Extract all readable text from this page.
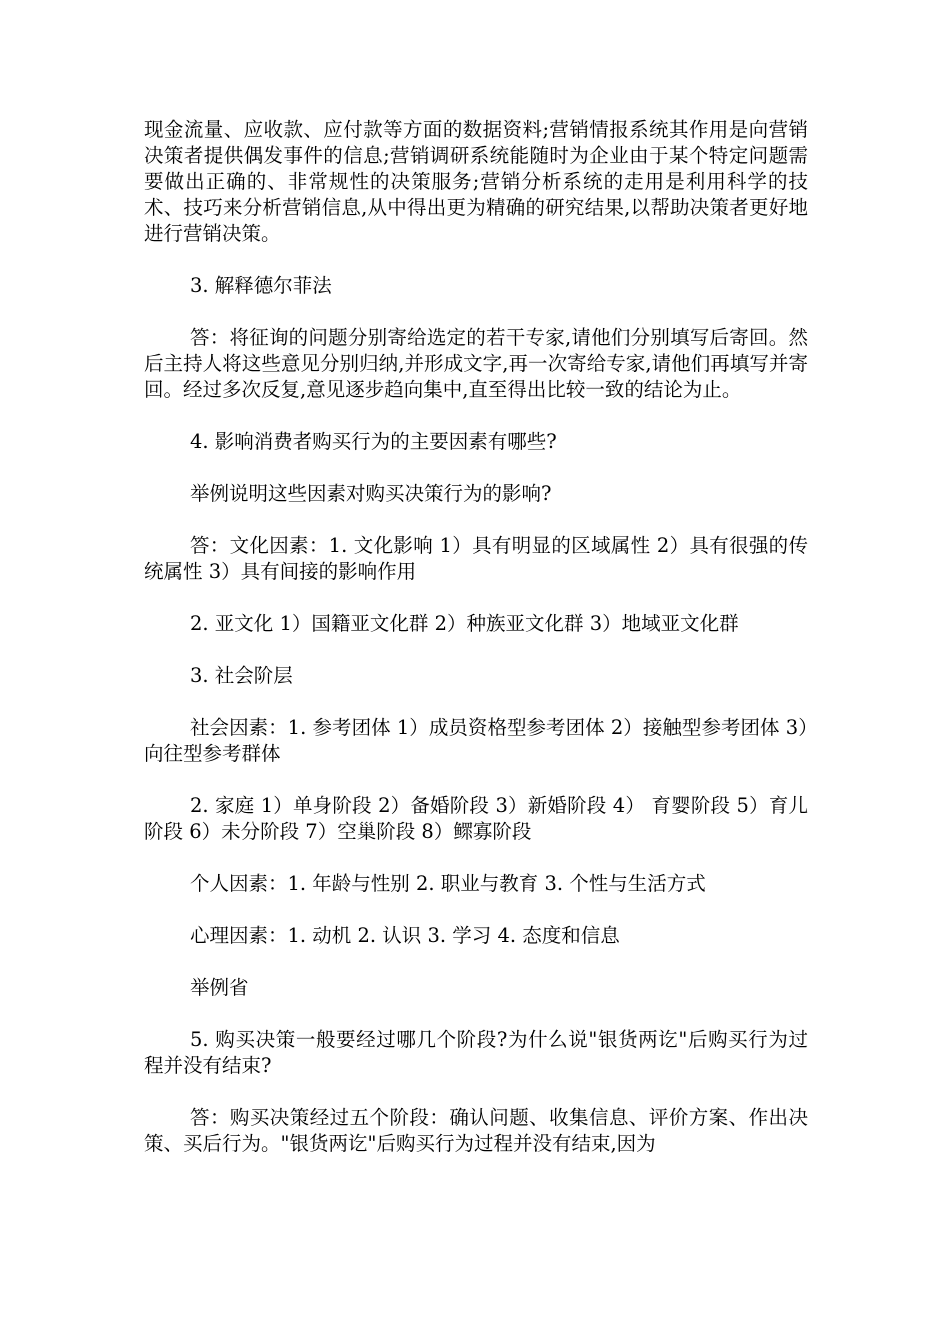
现金流量、应收款、应付款等方面的数据资料;营销情报系统其作用是向营销决策者提供偶发事件的信息;营销调研系统能随时为企业由于某个特定问题需要做出正确的、非常规性的决策服务;营销分析系统的走用是利用科学的技术、技巧来分析营销信息,从中得出更为精确的研究结果,以帮助决策者更好地进行营销决策。

3. 解释德尔菲法

答：将征询的问题分别寄给选定的若干专家,请他们分别填写后寄回。然后主持人将这些意见分别归纳,并形成文字,再一次寄给专家,请他们再填写并寄回。经过多次反复,意见逐步趋向集中,直至得出比较一致的结论为止。

4. 影响消费者购买行为的主要因素有哪些?

举例说明这些因素对购买决策行为的影响?

答：文化因素：1. 文化影响 1）具有明显的区域属性 2）具有很强的传统属性 3）具有间接的影响作用

2. 亚文化 1）国籍亚文化群 2）种族亚文化群 3）地域亚文化群

3. 社会阶层

社会因素：1. 参考团体 1）成员资格型参考团体 2）接触型参考团体 3）向往型参考群体

2. 家庭 1）单身阶段 2）备婚阶段 3）新婚阶段 4） 育婴阶段 5）育儿阶段 6）未分阶段 7）空巢阶段 8）鳏寡阶段

个人因素：1. 年龄与性别 2. 职业与教育 3. 个性与生活方式

心理因素：1. 动机 2. 认识 3. 学习 4. 态度和信息

举例省

5. 购买决策一般要经过哪几个阶段?为什么说"银货两讫"后购买行为过程并没有结束?

答：购买决策经过五个阶段：确认问题、收集信息、评价方案、作出决策、买后行为。"银货两讫"后购买行为过程并没有结束,因为
